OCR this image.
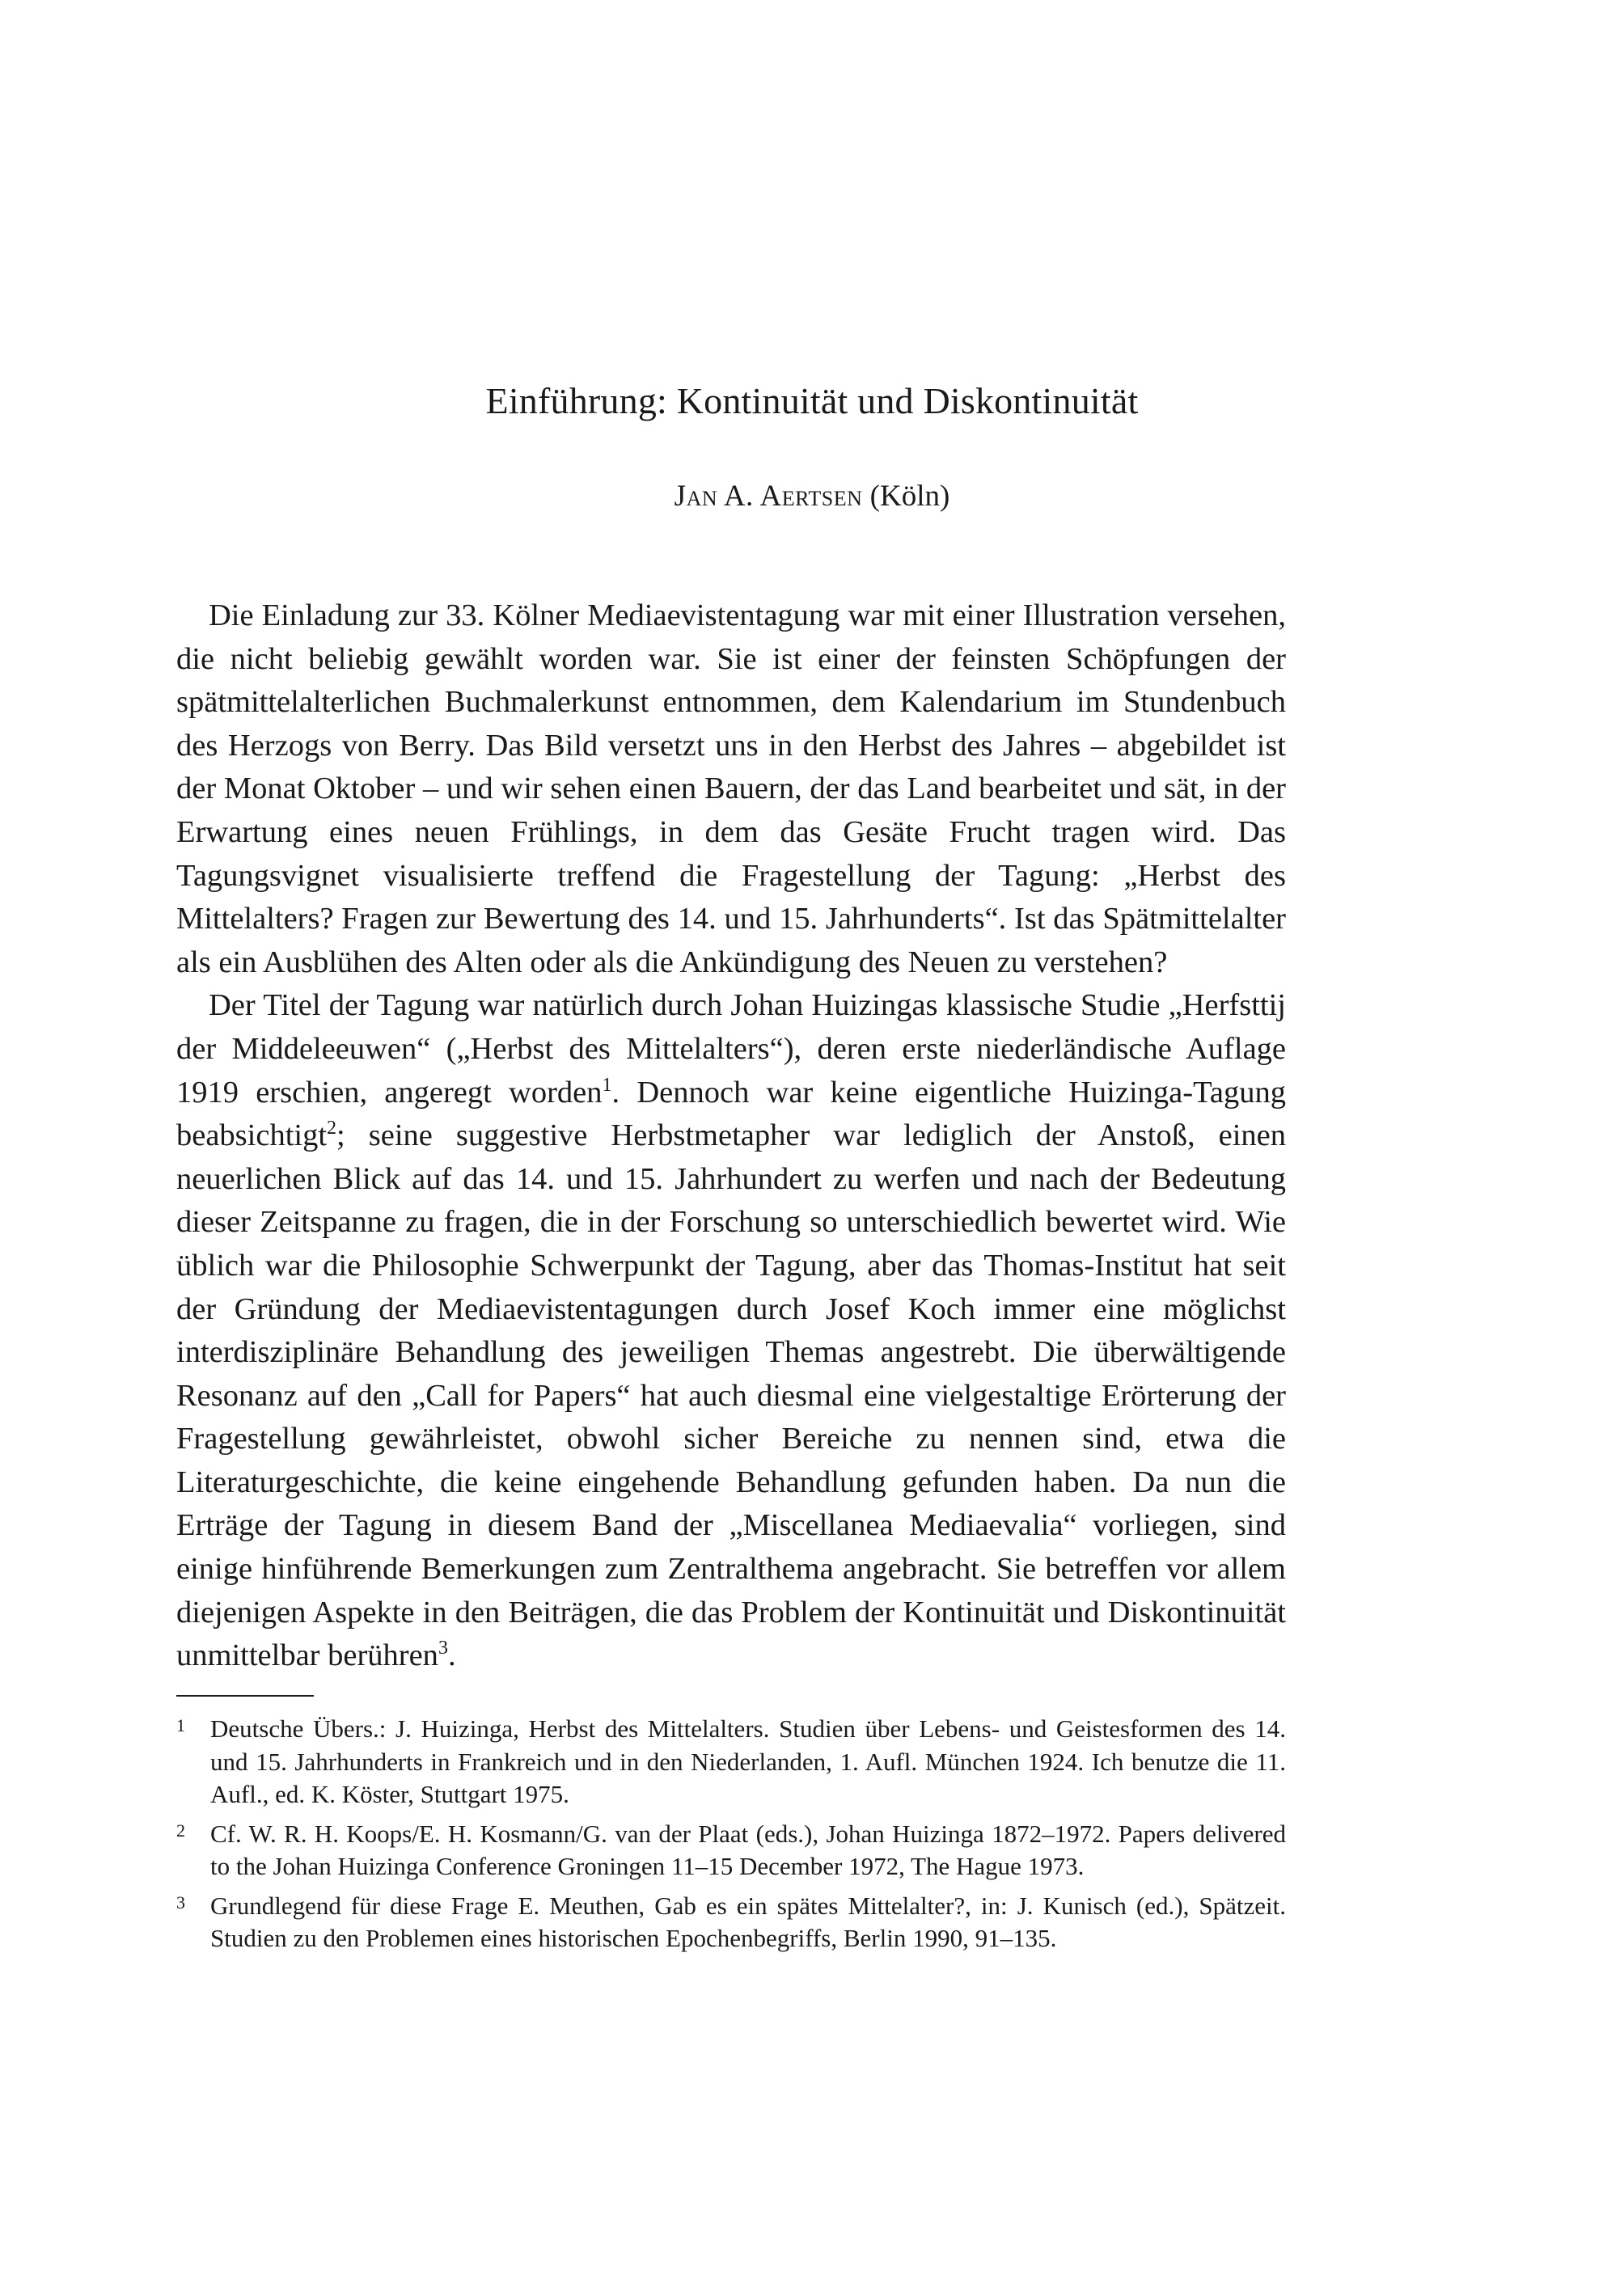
Einführung: Kontinuität und Diskontinuität
Jan A. Aertsen (Köln)

Die Einladung zur 33. Kölner Mediaevistentagung war mit einer Illustration versehen, die nicht beliebig gewählt worden war. Sie ist einer der feinsten Schöpfungen der spätmittelalterlichen Buchmalerkunst entnommen, dem Kalendarium im Stundenbuch des Herzogs von Berry. Das Bild versetzt uns in den Herbst des Jahres – abgebildet ist der Monat Oktober – und wir sehen einen Bauern, der das Land bearbeitet und sät, in der Erwartung eines neuen Frühlings, in dem das Gesäte Frucht tragen wird. Das Tagungsvignet visualisierte treffend die Fragestellung der Tagung: „Herbst des Mittelalters? Fragen zur Bewertung des 14. und 15. Jahrhunderts“. Ist das Spätmittelalter als ein Ausblühen des Alten oder als die Ankündigung des Neuen zu verstehen?

Der Titel der Tagung war natürlich durch Johan Huizingas klassische Studie „Herfsttij der Middeleeuwen“ („Herbst des Mittelalters“), deren erste niederländische Auflage 1919 erschien, angeregt worden$^1$. Dennoch war keine eigentliche Huizinga-Tagung beabsichtigt$^2$; seine suggestive Herbstmetapher war lediglich der Anstoß, einen neuerlichen Blick auf das 14. und 15. Jahrhundert zu werfen und nach der Bedeutung dieser Zeitspanne zu fragen, die in der Forschung so unterschiedlich bewertet wird. Wie üblich war die Philosophie Schwerpunkt der Tagung, aber das Thomas-Institut hat seit der Gründung der Mediaevistentagungen durch Josef Koch immer eine möglichst interdisziplinäre Behandlung des jeweiligen Themas angestrebt. Die überwältigende Resonanz auf den „Call for Papers“ hat auch diesmal eine vielgestaltige Erörterung der Fragestellung gewährleistet, obwohl sicher Bereiche zu nennen sind, etwa die Literaturgeschichte, die keine eingehende Behandlung gefunden haben. Da nun die Erträge der Tagung in diesem Band der „Miscellanea Mediaevalia“ vorliegen, sind einige hinführende Bemerkungen zum Zentralthema angebracht. Sie betreffen vor allem diejenigen Aspekte in den Beiträgen, die das Problem der Kontinuität und Diskontinuität unmittelbar berühren$^3$.

1 Deutsche Übers.: J. Huizinga, Herbst des Mittelalters. Studien über Lebens- und Geistesformen des 14. und 15. Jahrhunderts in Frankreich und in den Niederlanden, 1. Aufl. München 1924. Ich benutze die 11. Aufl., ed. K. Köster, Stuttgart 1975.
2 Cf. W. R. H. Koops/E. H. Kosmann/G. van der Plaat (eds.), Johan Huizinga 1872–1972. Papers delivered to the Johan Huizinga Conference Groningen 11–15 December 1972, The Hague 1973.
3 Grundlegend für diese Frage E. Meuthen, Gab es ein spätes Mittelalter?, in: J. Kunisch (ed.), Spätzeit. Studien zu den Problemen eines historischen Epochenbegriffs, Berlin 1990, 91–135.
